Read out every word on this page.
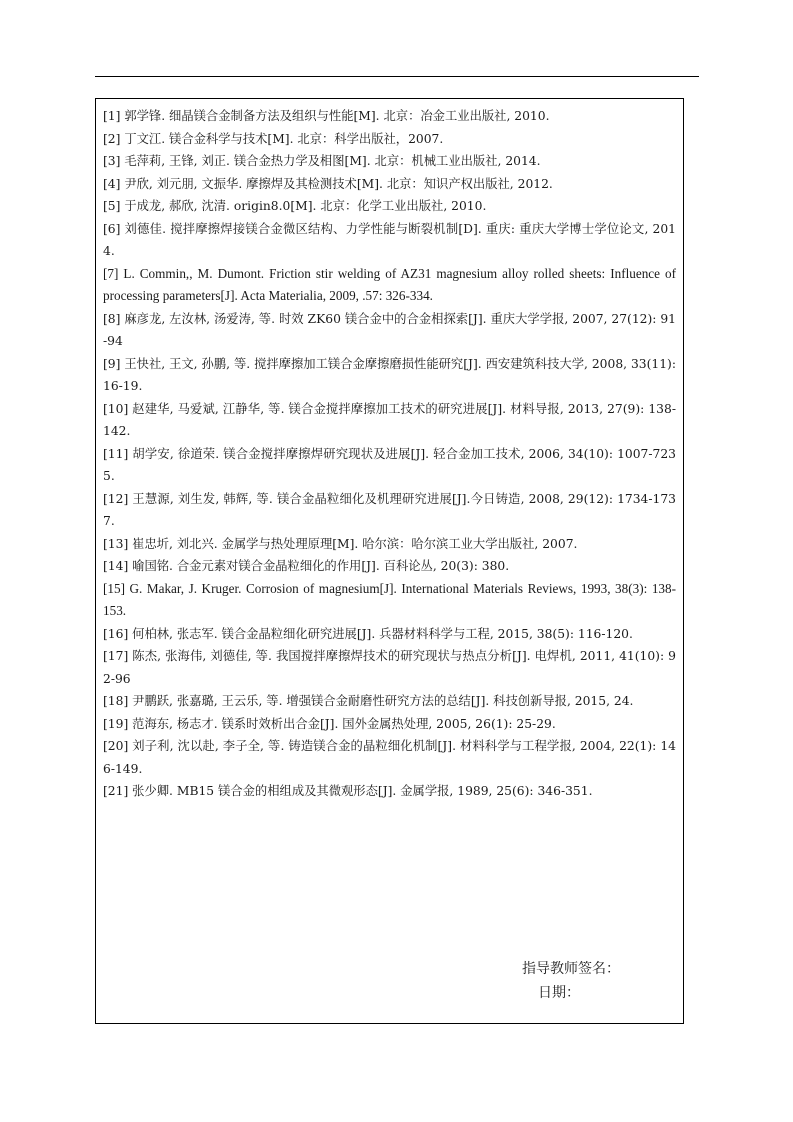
[1] 郭学锋. 细晶镁合金制备方法及组织与性能[M]. 北京：冶金工业出版社, 2010.
[2] 丁文江. 镁合金科学与技术[M]. 北京：科学出版社，2007.
[3] 毛萍莉, 王锋, 刘正. 镁合金热力学及相图[M]. 北京：机械工业出版社, 2014.
[4] 尹欣, 刘元朋, 文振华. 摩擦焊及其检测技术[M]. 北京：知识产权出版社, 2012.
[5] 于成龙, 郝欣, 沈清. origin8.0[M]. 北京：化学工业出版社, 2010.
[6] 刘德佳. 搅拌摩擦焊接镁合金微区结构、力学性能与断裂机制[D]. 重庆: 重庆大学博士学位论文, 2014.
[7] L. Commin,, M. Dumont. Friction stir welding of AZ31 magnesium alloy rolled sheets: Influence of processing parameters[J]. Acta Materialia, 2009, .57: 326-334.
[8] 麻彦龙, 左汝林, 汤爱涛, 等. 时效 ZK60 镁合金中的合金相探索[J]. 重庆大学学报, 2007, 27(12): 91-94
[9] 王快社, 王文, 孙鹏, 等. 搅拌摩擦加工镁合金摩擦磨损性能研究[J]. 西安建筑科技大学, 2008, 33(11): 16-19.
[10] 赵建华, 马爱斌, 江静华, 等. 镁合金搅拌摩擦加工技术的研究进展[J]. 材料导报, 2013, 27(9): 138-142.
[11] 胡学安, 徐道荣. 镁合金搅拌摩擦焊研究现状及进展[J]. 轻合金加工技术, 2006, 34(10): 1007-7235.
[12] 王慧源, 刘生发, 韩辉, 等. 镁合金晶粒细化及机理研究进展[J].今日铸造, 2008, 29(12): 1734-1737.
[13] 崔忠圻, 刘北兴. 金属学与热处理原理[M]. 哈尔滨：哈尔滨工业大学出版社, 2007.
[14] 喻国铭. 合金元素对镁合金晶粒细化的作用[J]. 百科论丛, 20(3): 380.
[15] G. Makar, J. Kruger. Corrosion of magnesium[J]. International Materials Reviews, 1993, 38(3): 138-153.
[16] 何柏林, 张志军. 镁合金晶粒细化研究进展[J]. 兵器材料科学与工程, 2015, 38(5): 116-120.
[17] 陈杰, 张海伟, 刘德佳, 等. 我国搅拌摩擦焊技术的研究现状与热点分析[J]. 电焊机, 2011, 41(10): 92-96
[18] 尹鹏跃, 张嘉璐, 王云乐, 等. 增强镁合金耐磨性研究方法的总结[J]. 科技创新导报, 2015, 24.
[19] 范海东, 杨志才. 镁系时效析出合金[J]. 国外金属热处理, 2005, 26(1): 25-29.
[20] 刘子利, 沈以赴, 李子全, 等. 铸造镁合金的晶粒细化机制[J]. 材料科学与工程学报, 2004, 22(1): 146-149.
[21] 张少卿. MB15 镁合金的相组成及其微观形态[J]. 金属学报, 1989, 25(6): 346-351.
指导教师签名：
日期：
